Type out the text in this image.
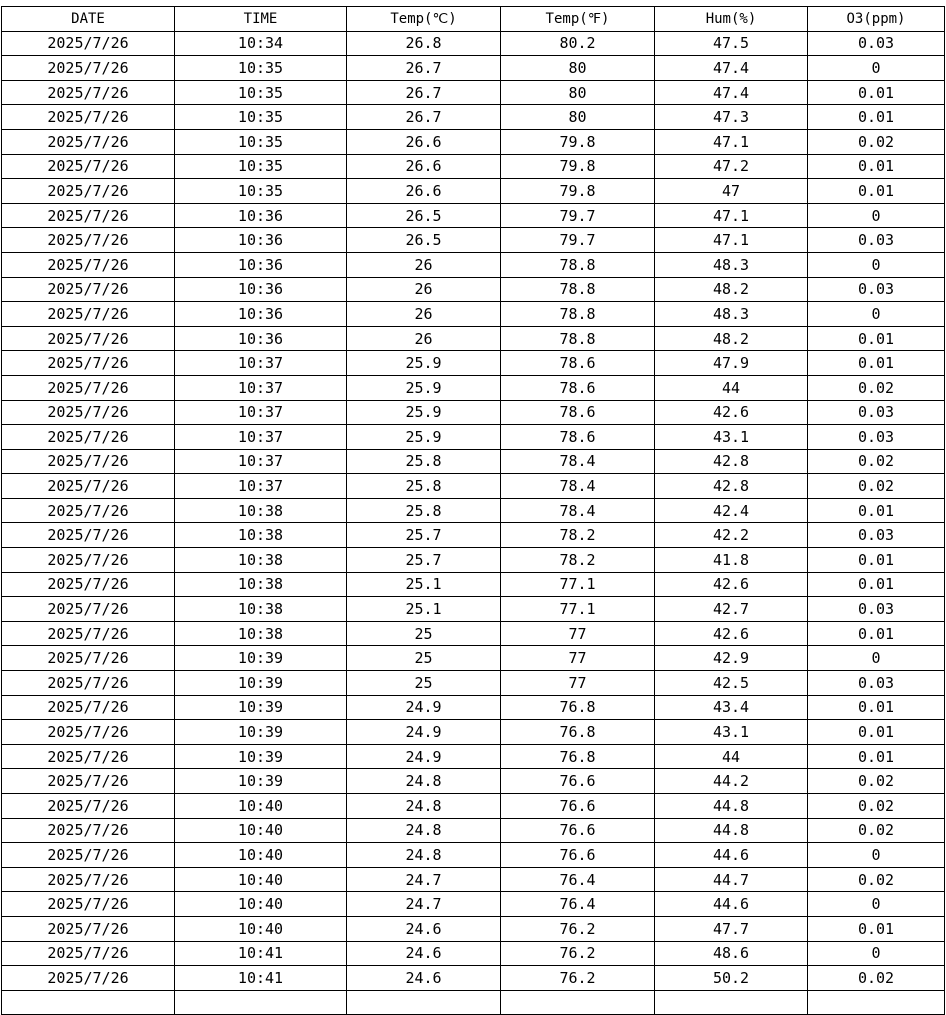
DATE	TIME	Temp(℃)	Temp(℉)	Hum(%)	O3(ppm)
2025/7/26	10:34	26.8	80.2	47.5	0.03
2025/7/26	10:35	26.7	80	47.4	0
2025/7/26	10:35	26.7	80	47.4	0.01
2025/7/26	10:35	26.7	80	47.3	0.01
2025/7/26	10:35	26.6	79.8	47.1	0.02
2025/7/26	10:35	26.6	79.8	47.2	0.01
2025/7/26	10:35	26.6	79.8	47	0.01
2025/7/26	10:36	26.5	79.7	47.1	0
2025/7/26	10:36	26.5	79.7	47.1	0.03
2025/7/26	10:36	26	78.8	48.3	0
2025/7/26	10:36	26	78.8	48.2	0.03
2025/7/26	10:36	26	78.8	48.3	0
2025/7/26	10:36	26	78.8	48.2	0.01
2025/7/26	10:37	25.9	78.6	47.9	0.01
2025/7/26	10:37	25.9	78.6	44	0.02
2025/7/26	10:37	25.9	78.6	42.6	0.03
2025/7/26	10:37	25.9	78.6	43.1	0.03
2025/7/26	10:37	25.8	78.4	42.8	0.02
2025/7/26	10:37	25.8	78.4	42.8	0.02
2025/7/26	10:38	25.8	78.4	42.4	0.01
2025/7/26	10:38	25.7	78.2	42.2	0.03
2025/7/26	10:38	25.7	78.2	41.8	0.01
2025/7/26	10:38	25.1	77.1	42.6	0.01
2025/7/26	10:38	25.1	77.1	42.7	0.03
2025/7/26	10:38	25	77	42.6	0.01
2025/7/26	10:39	25	77	42.9	0
2025/7/26	10:39	25	77	42.5	0.03
2025/7/26	10:39	24.9	76.8	43.4	0.01
2025/7/26	10:39	24.9	76.8	43.1	0.01
2025/7/26	10:39	24.9	76.8	44	0.01
2025/7/26	10:39	24.8	76.6	44.2	0.02
2025/7/26	10:40	24.8	76.6	44.8	0.02
2025/7/26	10:40	24.8	76.6	44.8	0.02
2025/7/26	10:40	24.8	76.6	44.6	0
2025/7/26	10:40	24.7	76.4	44.7	0.02
2025/7/26	10:40	24.7	76.4	44.6	0
2025/7/26	10:40	24.6	76.2	47.7	0.01
2025/7/26	10:41	24.6	76.2	48.6	0
2025/7/26	10:41	24.6	76.2	50.2	0.02
